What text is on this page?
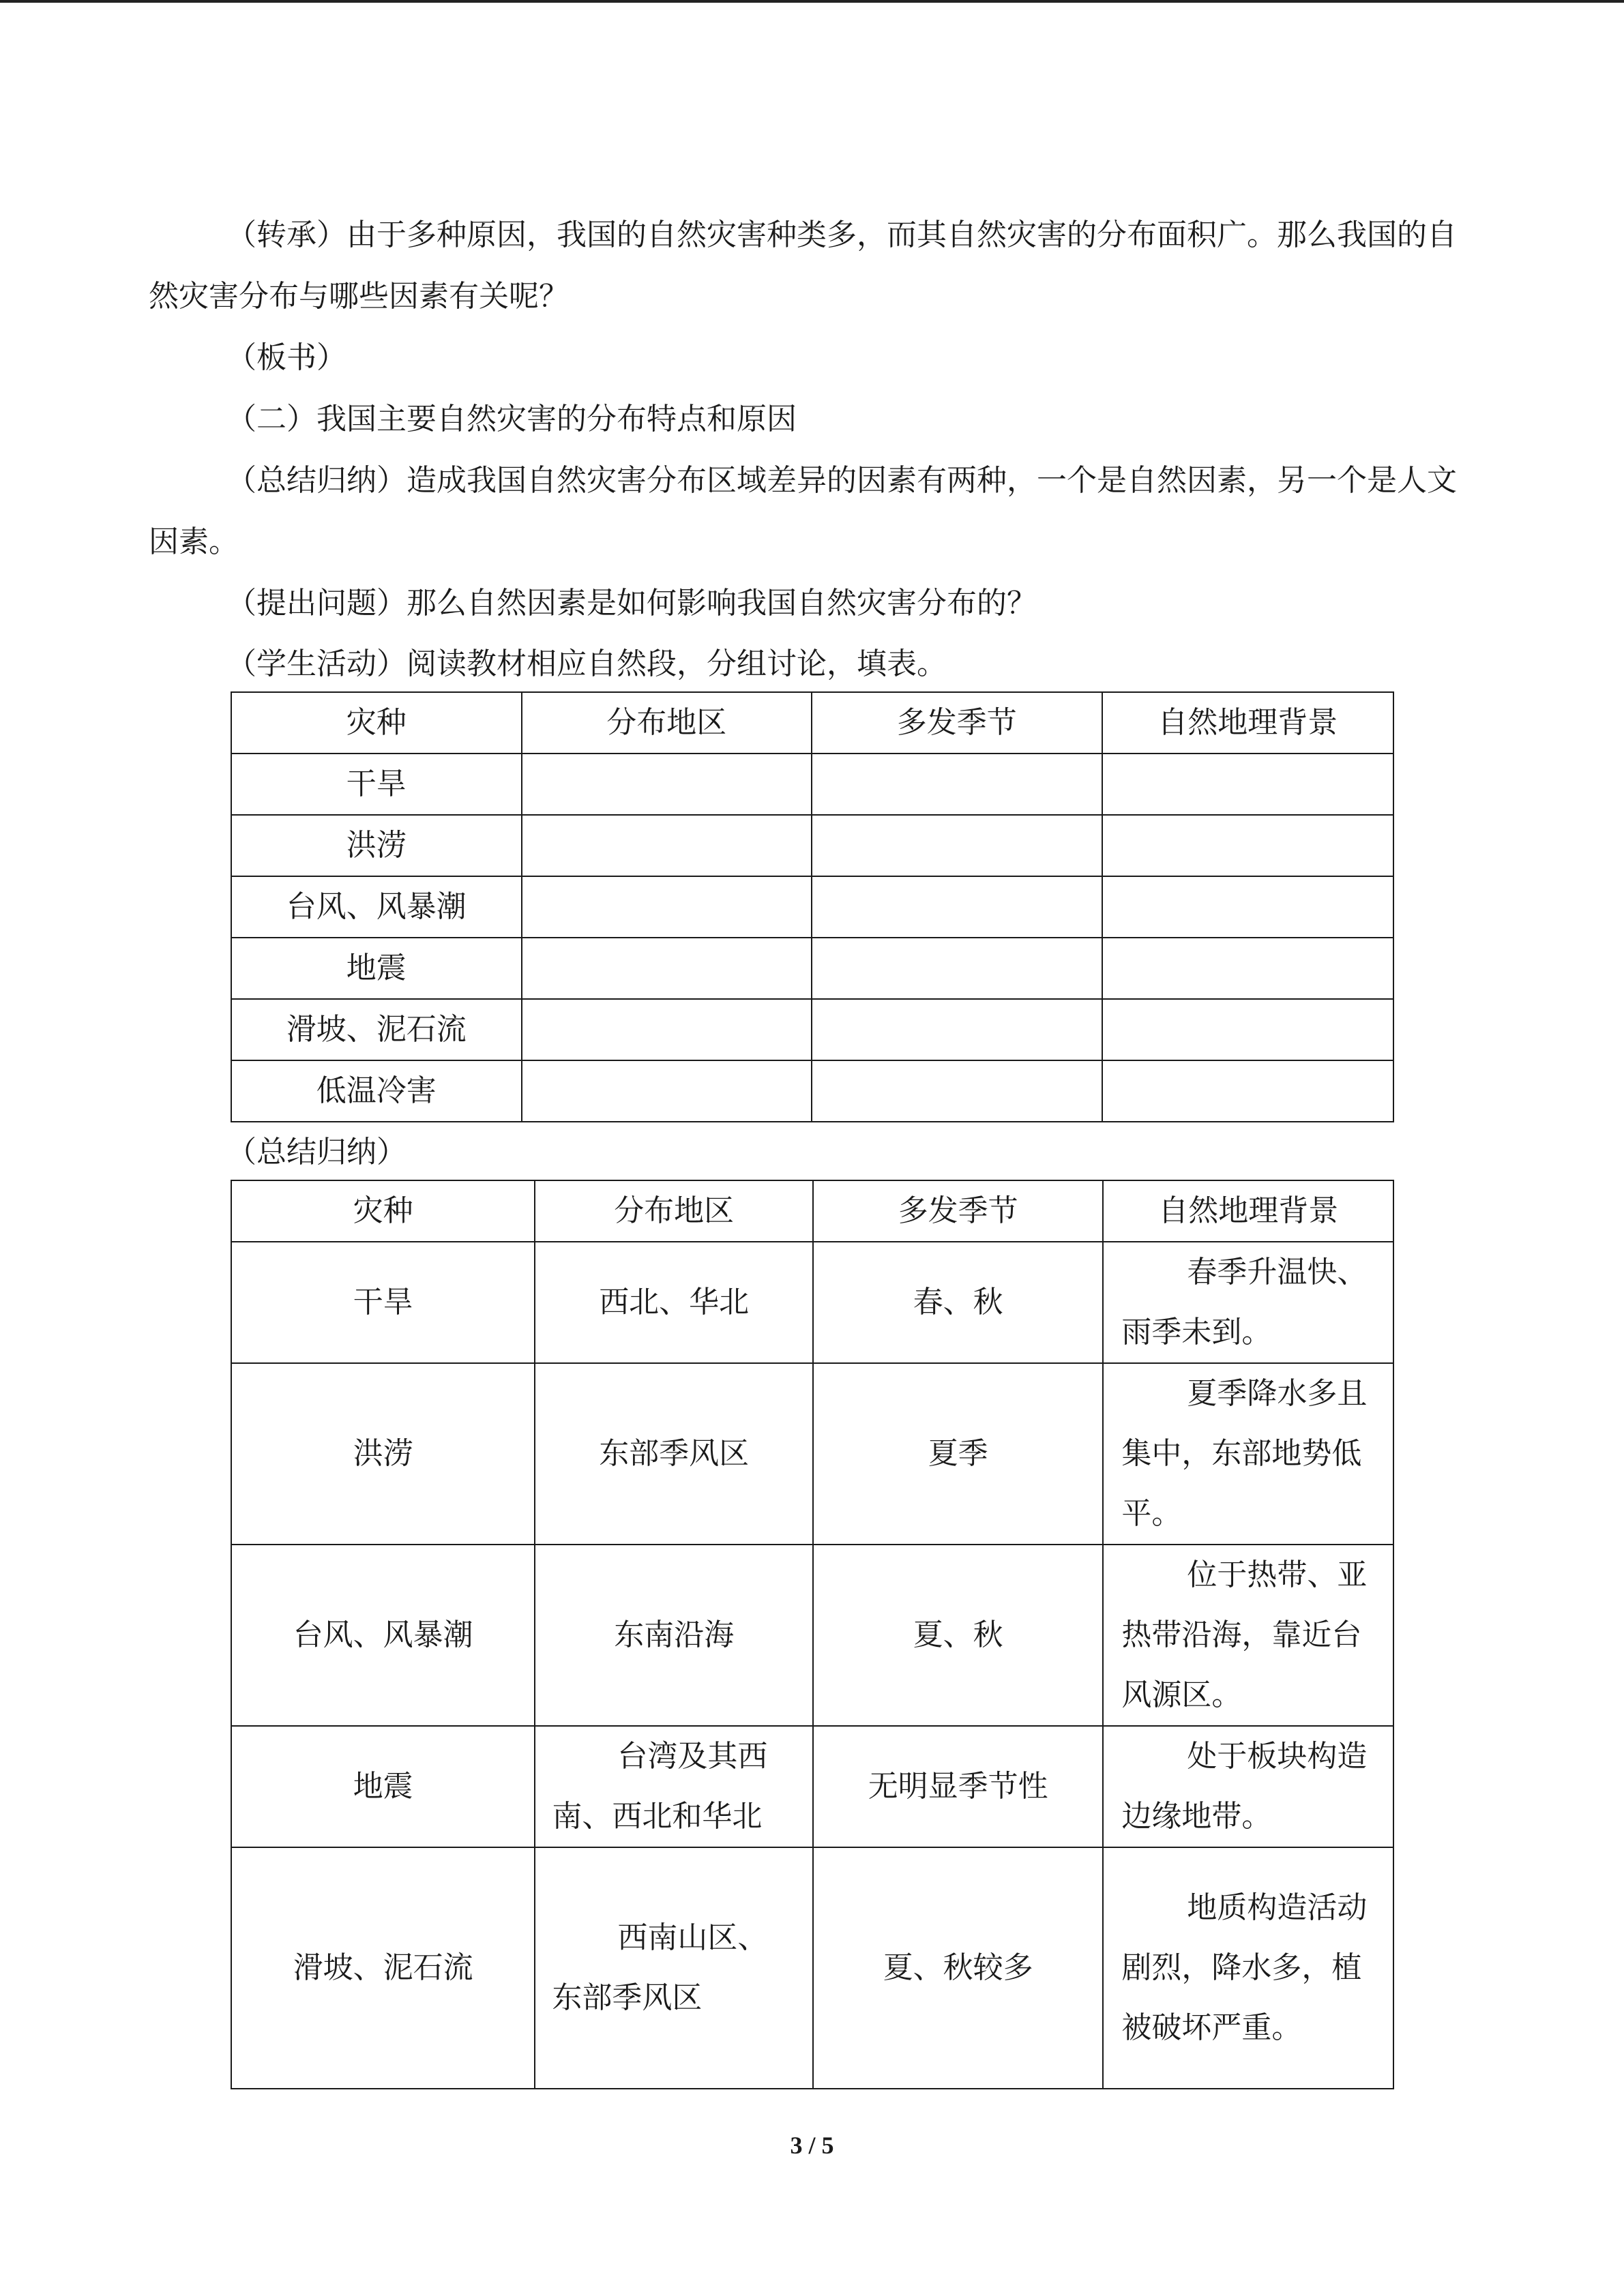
（转承）由于多种原因，我国的自然灾害种类多，而其自然灾害的分布面积广。那么我国的自然灾害分布与哪些因素有关呢？

（板书）

（二）我国主要自然灾害的分布特点和原因

（总结归纳）造成我国自然灾害分布区域差异的因素有两种，一个是自然因素，另一个是人文因素。

（提出问题）那么自然因素是如何影响我国自然灾害分布的？

（学生活动）阅读教材相应自然段，分组讨论，填表。

灾种	分布地区	多发季节	自然地理背景
干旱			
洪涝			
台风、风暴潮			
地震			
滑坡、泥石流			
低温冷害			

（总结归纳）

灾种	分布地区	多发季节	自然地理背景
干旱	西北、华北	春、秋	春季升温快、雨季未到。
洪涝	东部季风区	夏季	夏季降水多且集中，东部地势低平。
台风、风暴潮	东南沿海	夏、秋	位于热带、亚热带沿海，靠近台风源区。
地震	台湾及其西南、西北和华北	无明显季节性	处于板块构造边缘地带。
滑坡、泥石流	西南山区、东部季风区	夏、秋较多	地质构造活动剧烈，降水多，植被破坏严重。
3 / 5
